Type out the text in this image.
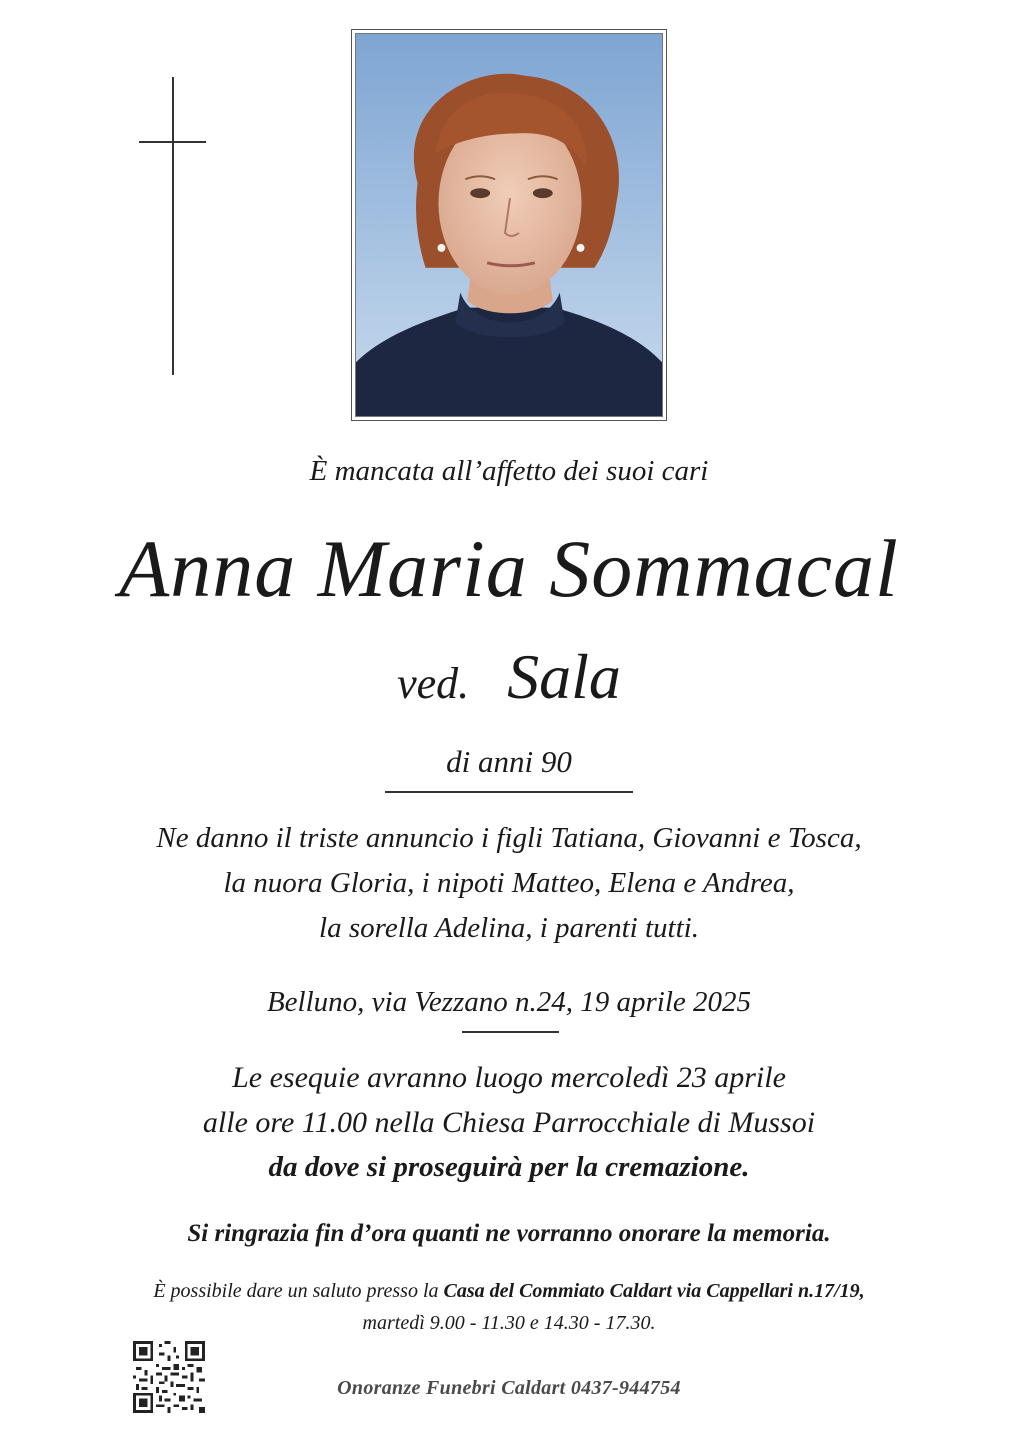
È mancata all’affetto dei suoi cari
Anna Maria Sommacal
ved. Sala
di anni 90
Ne danno il triste annuncio i figli Tatiana, Giovanni e Tosca,
la nuora Gloria, i nipoti Matteo, Elena e Andrea,
la sorella Adelina, i parenti tutti.
Belluno, via Vezzano n.24, 19 aprile 2025
Le esequie avranno luogo mercoledì 23 aprile
alle ore 11.00 nella Chiesa Parrocchiale di Mussoi
da dove si proseguirà per la cremazione.
Si ringrazia fin d’ora quanti ne vorranno onorare la memoria.
È possibile dare un saluto presso la Casa del Commiato Caldart via Cappellari n.17/19,
martedì 9.00 - 11.30 e 14.30 - 17.30.
Onoranze Funebri Caldart 0437-944754
